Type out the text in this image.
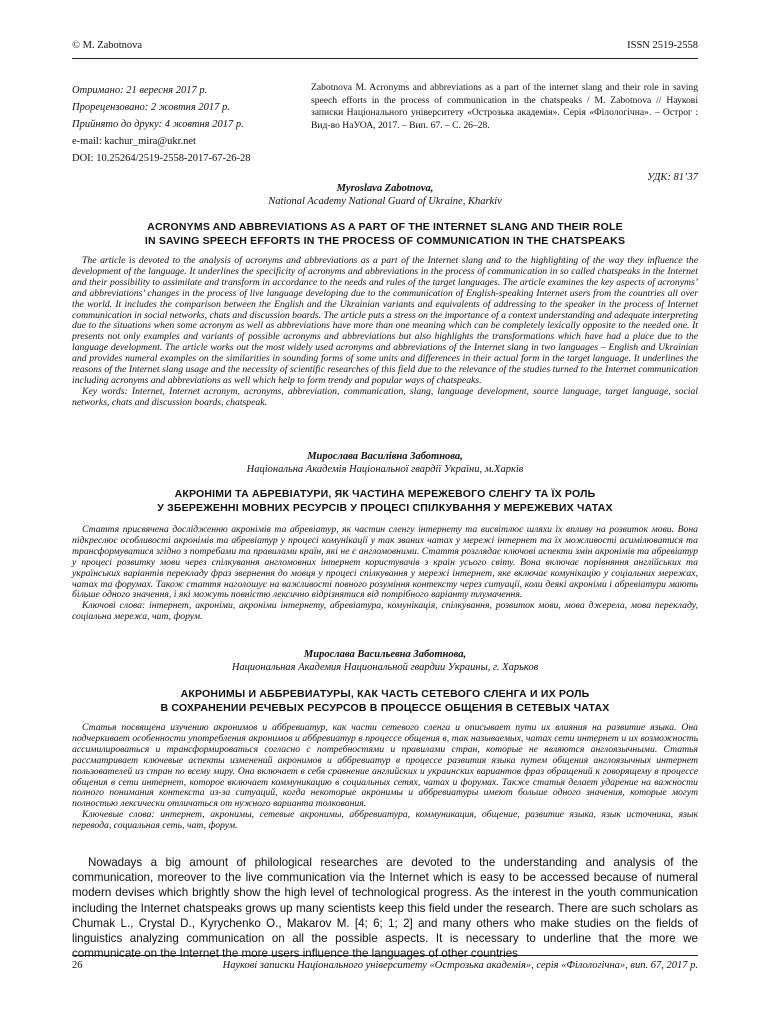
© M. Zabotnova	ISSN 2519-2558
Отримано: 21 вересня 2017 р.
Прорецензовано: 2 жовтня 2017 р.
Прийнято до друку: 4 жовтня 2017 р.
e-mail: kachur_mira@ukr.net
DOI: 10.25264/2519-2558-2017-67-26-28
Zabotnova M. Acronyms and abbreviations as a part of the internet slang and their role in saving speech efforts in the process of communication in the chatspeaks / M. Zabotnova // Наукові записки Національного університету «Острозька академія». Серія «Філологічна». – Острог : Вид-во НаУОА, 2017. – Вип. 67. – С. 26–28.
УДК: 81’37
Myroslava Zabotnova,
National Academy National Guard of Ukraine, Kharkiv
ACRONYMS AND ABBREVIATIONS AS A PART OF THE INTERNET SLANG AND THEIR ROLE
IN SAVING SPEECH EFFORTS IN THE PROCESS OF COMMUNICATION IN THE CHATSPEAKS

The article is devoted to the analysis of acronyms and abbreviations as a part of the Internet slang and to the highlighting of the way they influence the development of the language. It underlines the specificity of acronyms and abbreviations in the process of communication in so called chatspeaks in the Internet and their possibility to assimilate and transform in accordance to the needs and rules of the target languages. The article examines the key aspects of acronyms’ and abbreviations’ changes in the process of live language developing due to the communication of English-speaking Internet users from the countries all over the world. It includes the comparison between the English and the Ukrainian variants and equivalents of addressing to the speaker in the process of Internet communication in social networks, chats and discussion boards. The article puts a stress on the importance of a context understanding and adequate interpreting due to the situations when some acronym as well as abbreviations have more than one meaning which can be completely lexically opposite to the needed one. It presents not only examples and variants of possible acronyms and abbreviations but also highlights the transformations which have had a place due to the language development. The article works out the most widely used acronyms and abbreviations of the Internet slang in two languages – English and Ukrainian and provides numeral examples on the similarities in sounding forms of some units and differences in their actual form in the target language. It underlines the reasons of the Internet slang usage and the necessity of scientific researches of this field due to the relevance of the studies turned to the Internet communication including acronyms and abbreviations as well which help to form trendy and popular ways of chatspeaks.

Key words: Internet, Internet acronym, acronyms, abbreviation, communication, slang, language development, source language, target language, social networks, chats and discussion boards, chatspeak.

Мирослава Василівна Заботнова,
Національна Академія Національної гвардії України, м.Харків
АКРОНІМИ ТА АБРЕВІАТУРИ, ЯК ЧАСТИНА МЕРЕЖЕВОГО СЛЕНГУ ТА ЇХ РОЛЬ
У ЗБЕРЕЖЕННІ МОВНИХ РЕСУРСІВ У ПРОЦЕСІ СПІЛКУВАННЯ У МЕРЕЖЕВИХ ЧАТАХ

Стаття присвячена дослідженню акронімів та абревіатур, як частин сленгу інтернету та висвітлює шляхи їх впливу на розвиток мови. Вона підкреслює особливості акронімів та абревіатур у процесі комунікації у так званих чатах у мережі інтернет та їх можливості асимілюватися та трансформуватися згідно з потребами та правилами країн, які не є англомовними. Стаття розглядає ключові аспекти змін акронімів та абревіатур у процесі розвитку мови через спілкування англомовних інтернет користувачів з країн усього світу. Вона включає порівняння англійських та українських варіантів перекладу фраз звернення до мовця у процесі спілкування у мережі інтернет, яке включає комунікацію у соціальних мережах, чатах та форумах. Також стаття наголошує на важливості повного розуміння контексту через ситуації, коли деякі акроніми і абревіатури мають більше одного значення, і які можуть повністю лексично відрізнятися від потрібного варіанту тлумачення.

Ключові слова: інтернет, акроніми, акроніми інтернету, абревіатура, комунікація, спілкування, розвиток мови, мова джерела, мова перекладу, соціальна мережа, чат, форум.

Мирослава Васильевна Заботнова,
Национальная Академия Национальной гвардии Украины, г. Харьков
АКРОНИМЫ И АББРЕВИАТУРЫ, КАК ЧАСТЬ СЕТЕВОГО СЛЕНГА И ИХ РОЛЬ
В СОХРАНЕНИИ РЕЧЕВЫХ РЕСУРСОВ В ПРОЦЕССЕ ОБЩЕНИЯ В СЕТЕВЫХ ЧАТАХ

Статья посвящена изучению акронимов и аббревиатур, как части сетевого сленга и описывает пути их влияния на развитие языка. Она подчеркивает особенности употребления акронимов и аббревиатур в процессе общения в, так называемых, чатах сети интернет и их возможность ассимилироваться и трансформироваться согласно с потребностями и правилами стран, которые не являются англоязычными. Статья рассматривает ключевые аспекты изменений акронимов и аббревиатур в процессе развития языка путем общения англоязычных интернет пользователей из стран по всему миру. Она включает в себя сравнение английских и украинских вариантов фраз обращений к говорящему в процессе общения в сети интернет, которое включает коммуникацию в социальных сетях, чатах и форумах. Также статья делает ударение на важности полного понимания контекста из-за ситуаций, когда некоторые акронимы и аббревиатуры имеют больше одного значения, которые могут полностью лексически отличаться от нужного варианта толкования.

Ключевые слова: интернет, акронимы, сетевые акронимы, аббревиатура, коммуникация, общение, развитие языка, язык источника, язык перевода, социальная сеть, чат, форум.

Nowadays a big amount of philological researches are devoted to the understanding and analysis of the communication, moreover to the live communication via the Internet which is easy to be accessed because of numeral modern devises which brightly show the high level of technological progress. As the interest in the youth communication including the Internet chatspeaks grows up many scientists keep this field under the research. There are such scholars as Chumak L., Crystal D., Kyrychenko O., Makarov M. [4; 6; 1; 2] and many others who make studies on the fields of linguistics analyzing communication on all the possible aspects. It is necessary to underline that the more we communicate on the Internet the more users influence the languages of other countries

26	Наукові записки Національного університету «Острозька академія», серія «Філологічна», вип. 67, 2017 р.
